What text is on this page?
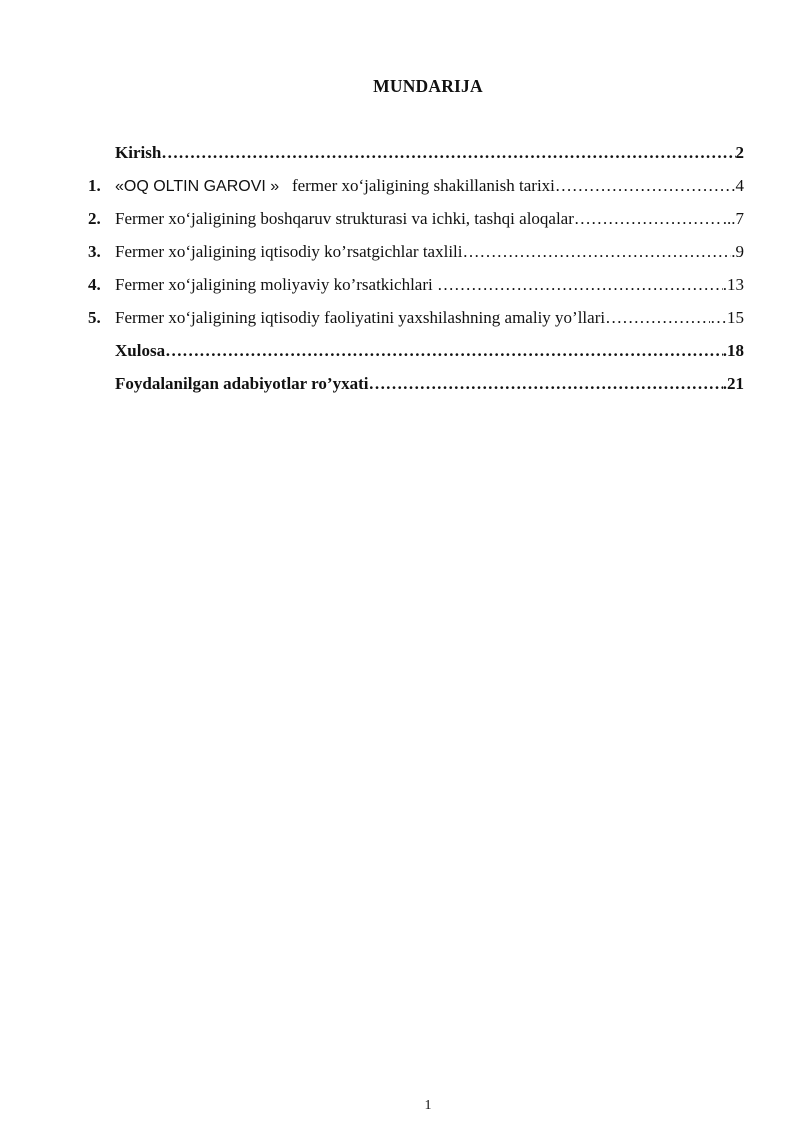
MUNDARIJA
Kirish ……………………………………………………………………………………………………………………………………………………………………	2
1. «OQ OLTIN GAROVI »   fermer xo‘jaligining shakillanish tarixi ……………………………………………………………………………………………………………………………………………………………………	.4
2. Fermer xo‘jaligining boshqaruv strukturasi va ichki, tashqi aloqalar ……………………………………………………………………………………………………………………………………………………………………	...7
3. Fermer xo‘jaligining iqtisodiy ko’rsatgichlar taxlili ……………………………………………………………………………………………………………………………………………………………………	.9
4. Fermer xo‘jaligining moliyaviy ko’rsatkichlari ……………………………………………………………………………………………………………………………………………………………………	.13
5. Fermer xo‘jaligining iqtisodiy faoliyatini yaxshilashning amaliy yo’llari ……………………………………………………………………………………………………………………………………………………………………	…15
Xulosa ……………………………………………………………………………………………………………………………………………………………………	.18
Foydalanilgan adabiyotlar ro’yxati ……………………………………………………………………………………………………………………………………………………………………	.21
1
